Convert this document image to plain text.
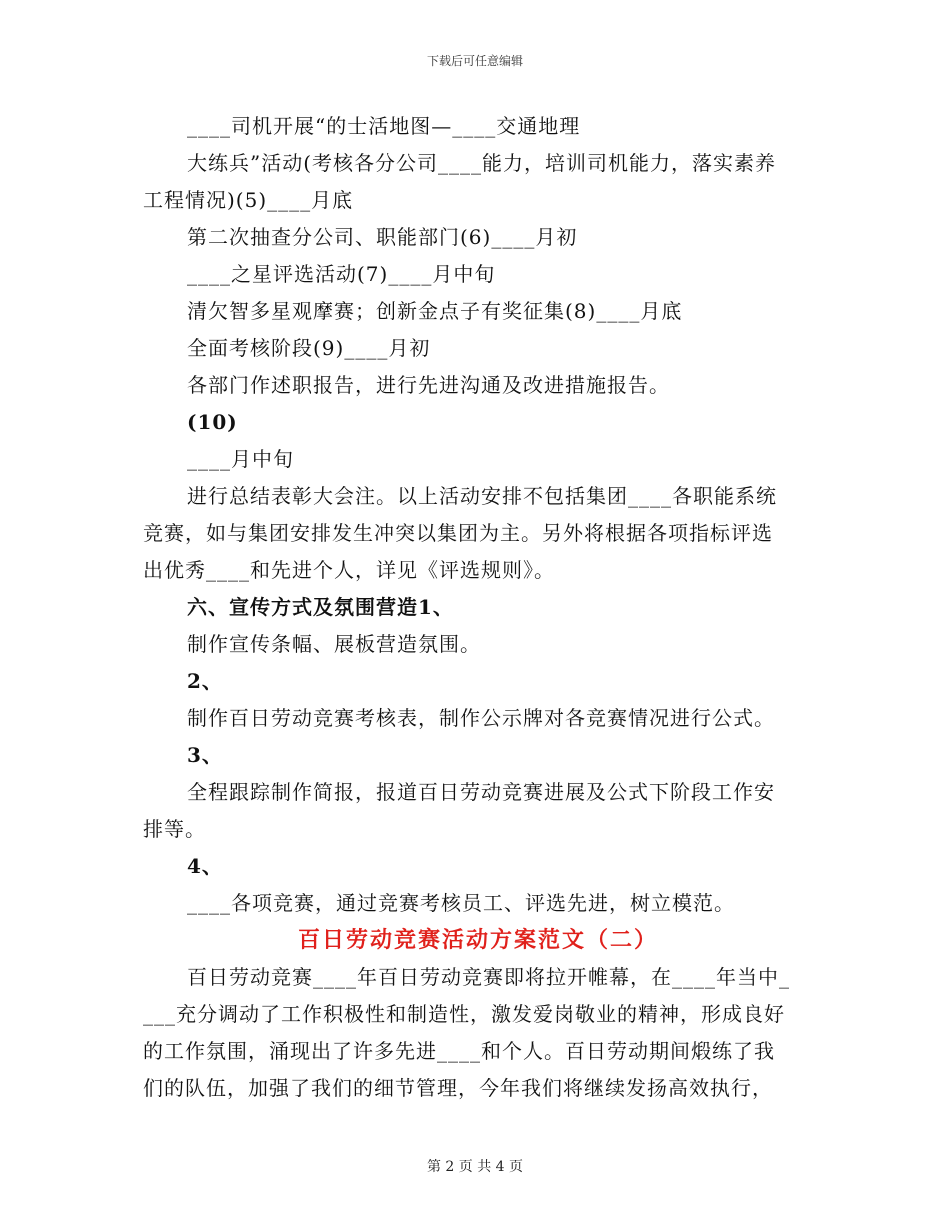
下载后可任意编辑

____司机开展“的士活地图—____交通地理

大练兵”活动(考核各分公司____能力，培训司机能力，落实素养

工程情况)(5)____月底

第二次抽查分公司、职能部门(6)____月初

____之星评选活动(7)____月中旬

清欠智多星观摩赛；创新金点子有奖征集(8)____月底

全面考核阶段(9)____月初

各部门作述职报告，进行先进沟通及改进措施报告。

(10)

____月中旬

进行总结表彰大会注。以上活动安排不包括集团____各职能系统

竞赛，如与集团安排发生冲突以集团为主。另外将根据各项指标评选

出优秀____和先进个人，详见《评选规则》。

六、宣传方式及氛围营造1、

制作宣传条幅、展板营造氛围。

2、

制作百日劳动竞赛考核表，制作公示牌对各竞赛情况进行公式。

3、

全程跟踪制作简报，报道百日劳动竞赛进展及公式下阶段工作安

排等。

4、

____各项竞赛，通过竞赛考核员工、评选先进，树立模范。

百日劳动竞赛活动方案范文（二）

百日劳动竞赛____年百日劳动竞赛即将拉开帷幕，在____年当中_

___充分调动了工作积极性和制造性，激发爱岗敬业的精神，形成良好

的工作氛围，涌现出了许多先进____和个人。百日劳动期间煅练了我

们的队伍，加强了我们的细节管理，今年我们将继续发扬高效执行，

第 2 页 共 4 页
